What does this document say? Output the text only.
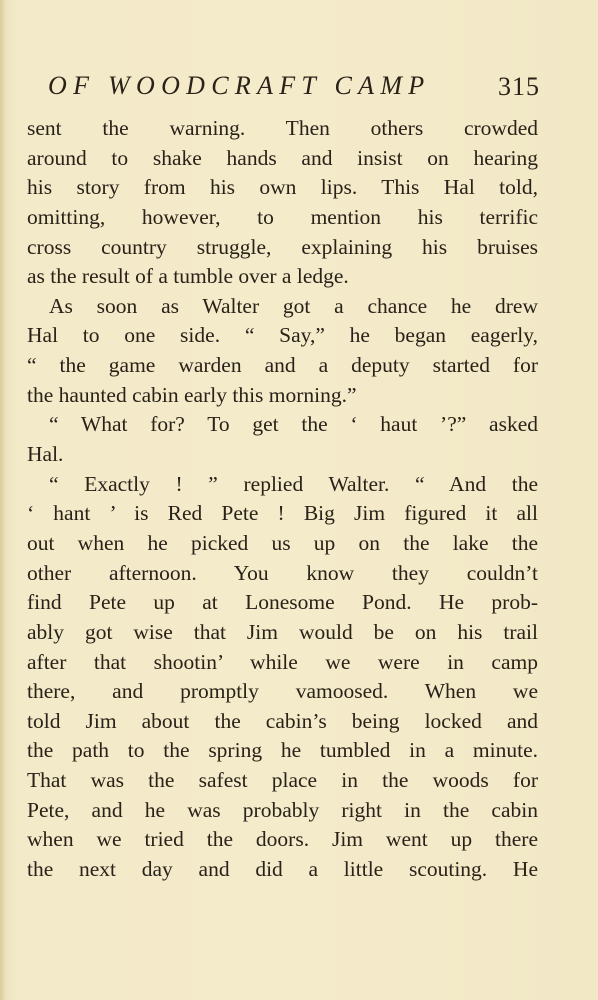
OF WOODCRAFT CAMP	315
sent the warning. Then others crowded
around to shake hands and insist on hearing
his story from his own lips. This Hal told,
omitting, however, to mention his terrific
cross country struggle, explaining his bruises
as the result of a tumble over a ledge.
As soon as Walter got a chance he drew
Hal to one side. “ Say,” he began eagerly,
“ the game warden and a deputy started for
the haunted cabin early this morning.”
“ What for? To get the ‘ haut ’?” asked
Hal.
“ Exactly ! ” replied Walter. “ And the
‘ hant ’ is Red Pete ! Big Jim figured it all
out when he picked us up on the lake the
other afternoon. You know they couldn’t
find Pete up at Lonesome Pond. He prob-
ably got wise that Jim would be on his trail
after that shootin’ while we were in camp
there, and promptly vamoosed. When we
told Jim about the cabin’s being locked and
the path to the spring he tumbled in a minute.
That was the safest place in the woods for
Pete, and he was probably right in the cabin
when we tried the doors. Jim went up there
the next day and did a little scouting. He
